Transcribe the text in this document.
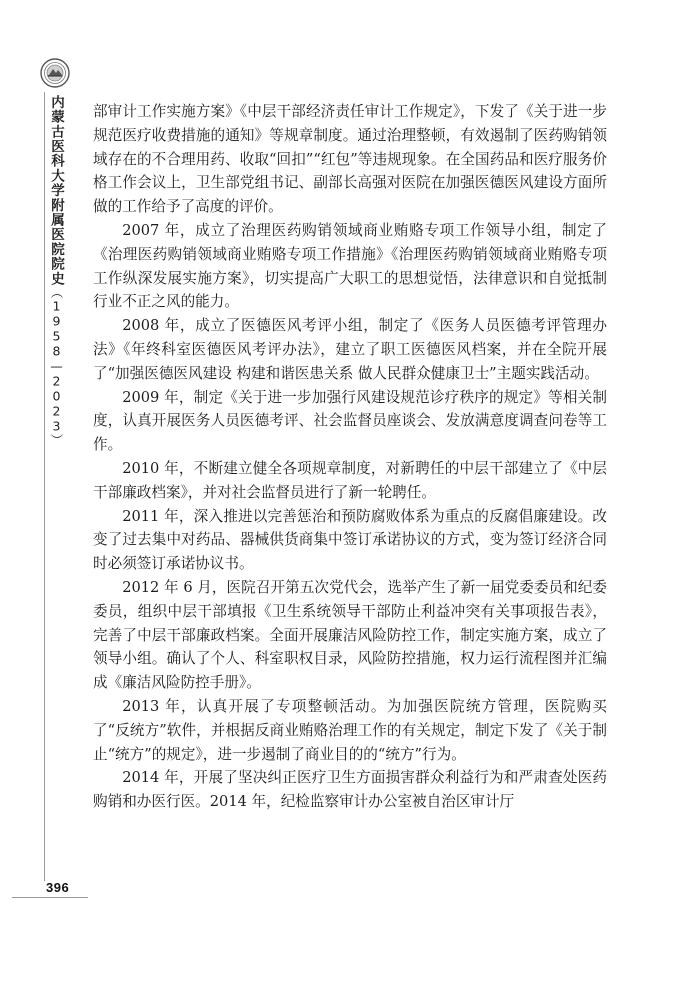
内蒙古医科大学附属医院院史（1958—2023）

部审计工作实施方案》《中层干部经济责任审计工作规定》，下发了《关于进一步规范医疗收费措施的通知》等规章制度。通过治理整顿，有效遏制了医药购销领域存在的不合理用药、收取“回扣”“红包”等违规现象。在全国药品和医疗服务价格工作会议上，卫生部党组书记、副部长高强对医院在加强医德医风建设方面所做的工作给予了高度的评价。

2007 年，成立了治理医药购销领域商业贿赂专项工作领导小组，制定了《治理医药购销领域商业贿赂专项工作措施》《治理医药购销领域商业贿赂专项工作纵深发展实施方案》，切实提高广大职工的思想觉悟，法律意识和自觉抵制行业不正之风的能力。

2008 年，成立了医德医风考评小组，制定了《医务人员医德考评管理办法》《年终科室医德医风考评办法》，建立了职工医德医风档案，并在全院开展了“加强医德医风建设 构建和谐医患关系 做人民群众健康卫士”主题实践活动。

2009 年，制定《关于进一步加强行风建设规范诊疗秩序的规定》等相关制度，认真开展医务人员医德考评、社会监督员座谈会、发放满意度调查问卷等工作。

2010 年，不断建立健全各项规章制度，对新聘任的中层干部建立了《中层干部廉政档案》，并对社会监督员进行了新一轮聘任。

2011 年，深入推进以完善惩治和预防腐败体系为重点的反腐倡廉建设。改变了过去集中对药品、器械供货商集中签订承诺协议的方式，变为签订经济合同时必须签订承诺协议书。

2012 年 6 月，医院召开第五次党代会，选举产生了新一届党委委员和纪委委员，组织中层干部填报《卫生系统领导干部防止利益冲突有关事项报告表》，完善了中层干部廉政档案。全面开展廉洁风险防控工作，制定实施方案，成立了领导小组。确认了个人、科室职权目录，风险防控措施，权力运行流程图并汇编成《廉洁风险防控手册》。

2013 年，认真开展了专项整顿活动。为加强医院统方管理，医院购买了“反统方”软件，并根据反商业贿赂治理工作的有关规定，制定下发了《关于制止“统方”的规定》，进一步遏制了商业目的的“统方”行为。

2014 年，开展了坚决纠正医疗卫生方面损害群众利益行为和严肃查处医药购销和办医行医。2014 年，纪检监察审计办公室被自治区审计厅

396
